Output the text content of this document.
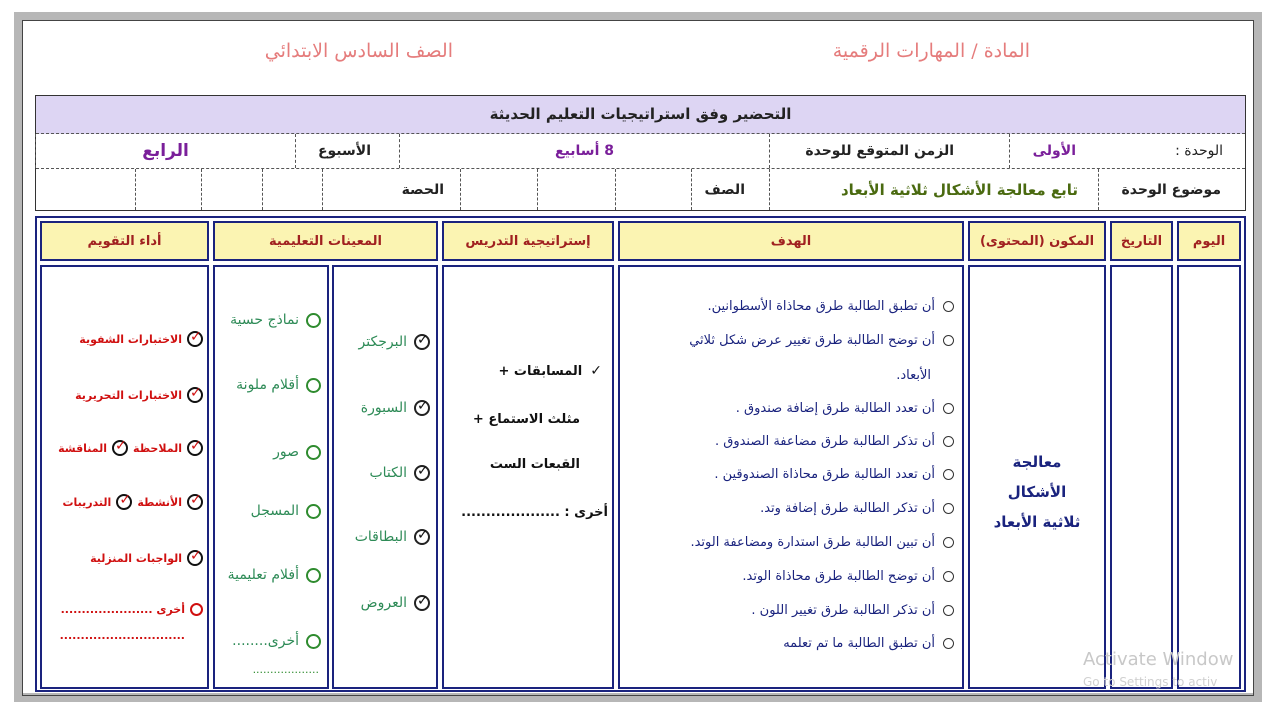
المادة / المهارات الرقمية
الصف السادس الابتدائي
التحضير وفق استراتيجيات التعليم الحديثة
الوحدة :
الأولى
الزمن المتوقع للوحدة
8 أسابيع
الأسبوع
الرابع
موضوع الوحدة
تابع معالجة الأشكال ثلاثية الأبعاد
الصف
الحصة
اليوم
التاريخ
المكون (المحتوى)
الهدف
إستراتيجية التدريس
المعينات التعليمية
أداء التقويم
معالجة الأشكال ثلاثية الأبعاد
أن تطبق الطالبة طرق محاذاة الأسطوانين.
أن توضح الطالبة طرق تغيير عرض شكل ثلاثي
الأبعاد.
أن تعدد الطالبة طرق إضافة صندوق .
أن تذكر الطالبة طرق مضاعفة الصندوق .
أن تعدد الطالبة طرق محاذاة الصندوقين .
أن تذكر الطالبة طرق إضافة وتد.
أن تبين الطالبة طرق استدارة ومضاعفة الوتد.
أن توضح الطالبة طرق محاذاة الوتد.
أن تذكر الطالبة طرق تغيير اللون .
أن تطبق الطالبة ما تم تعلمه
✓
المسابقات +
مثلث الاستماع +
القبعات الست
أخرى : ....................
✓
البرجكتر
✓
السبورة
✓
الكتاب
✓
البطاقات
✓
العروض
نماذج حسية
أقلام ملونة
صور
المسجل
أفلام تعليمية
أخرى........
...................
✓
الاختبارات الشفوية
✓
الاختبارات التحريرية
✓
الملاحظة
✓
المناقشة
✓
الأنشطة
✓
التدريبات
✓
الواجبات المنزلية
أخرى ......................
..............................
Activate Window
Go to Settings to activ
